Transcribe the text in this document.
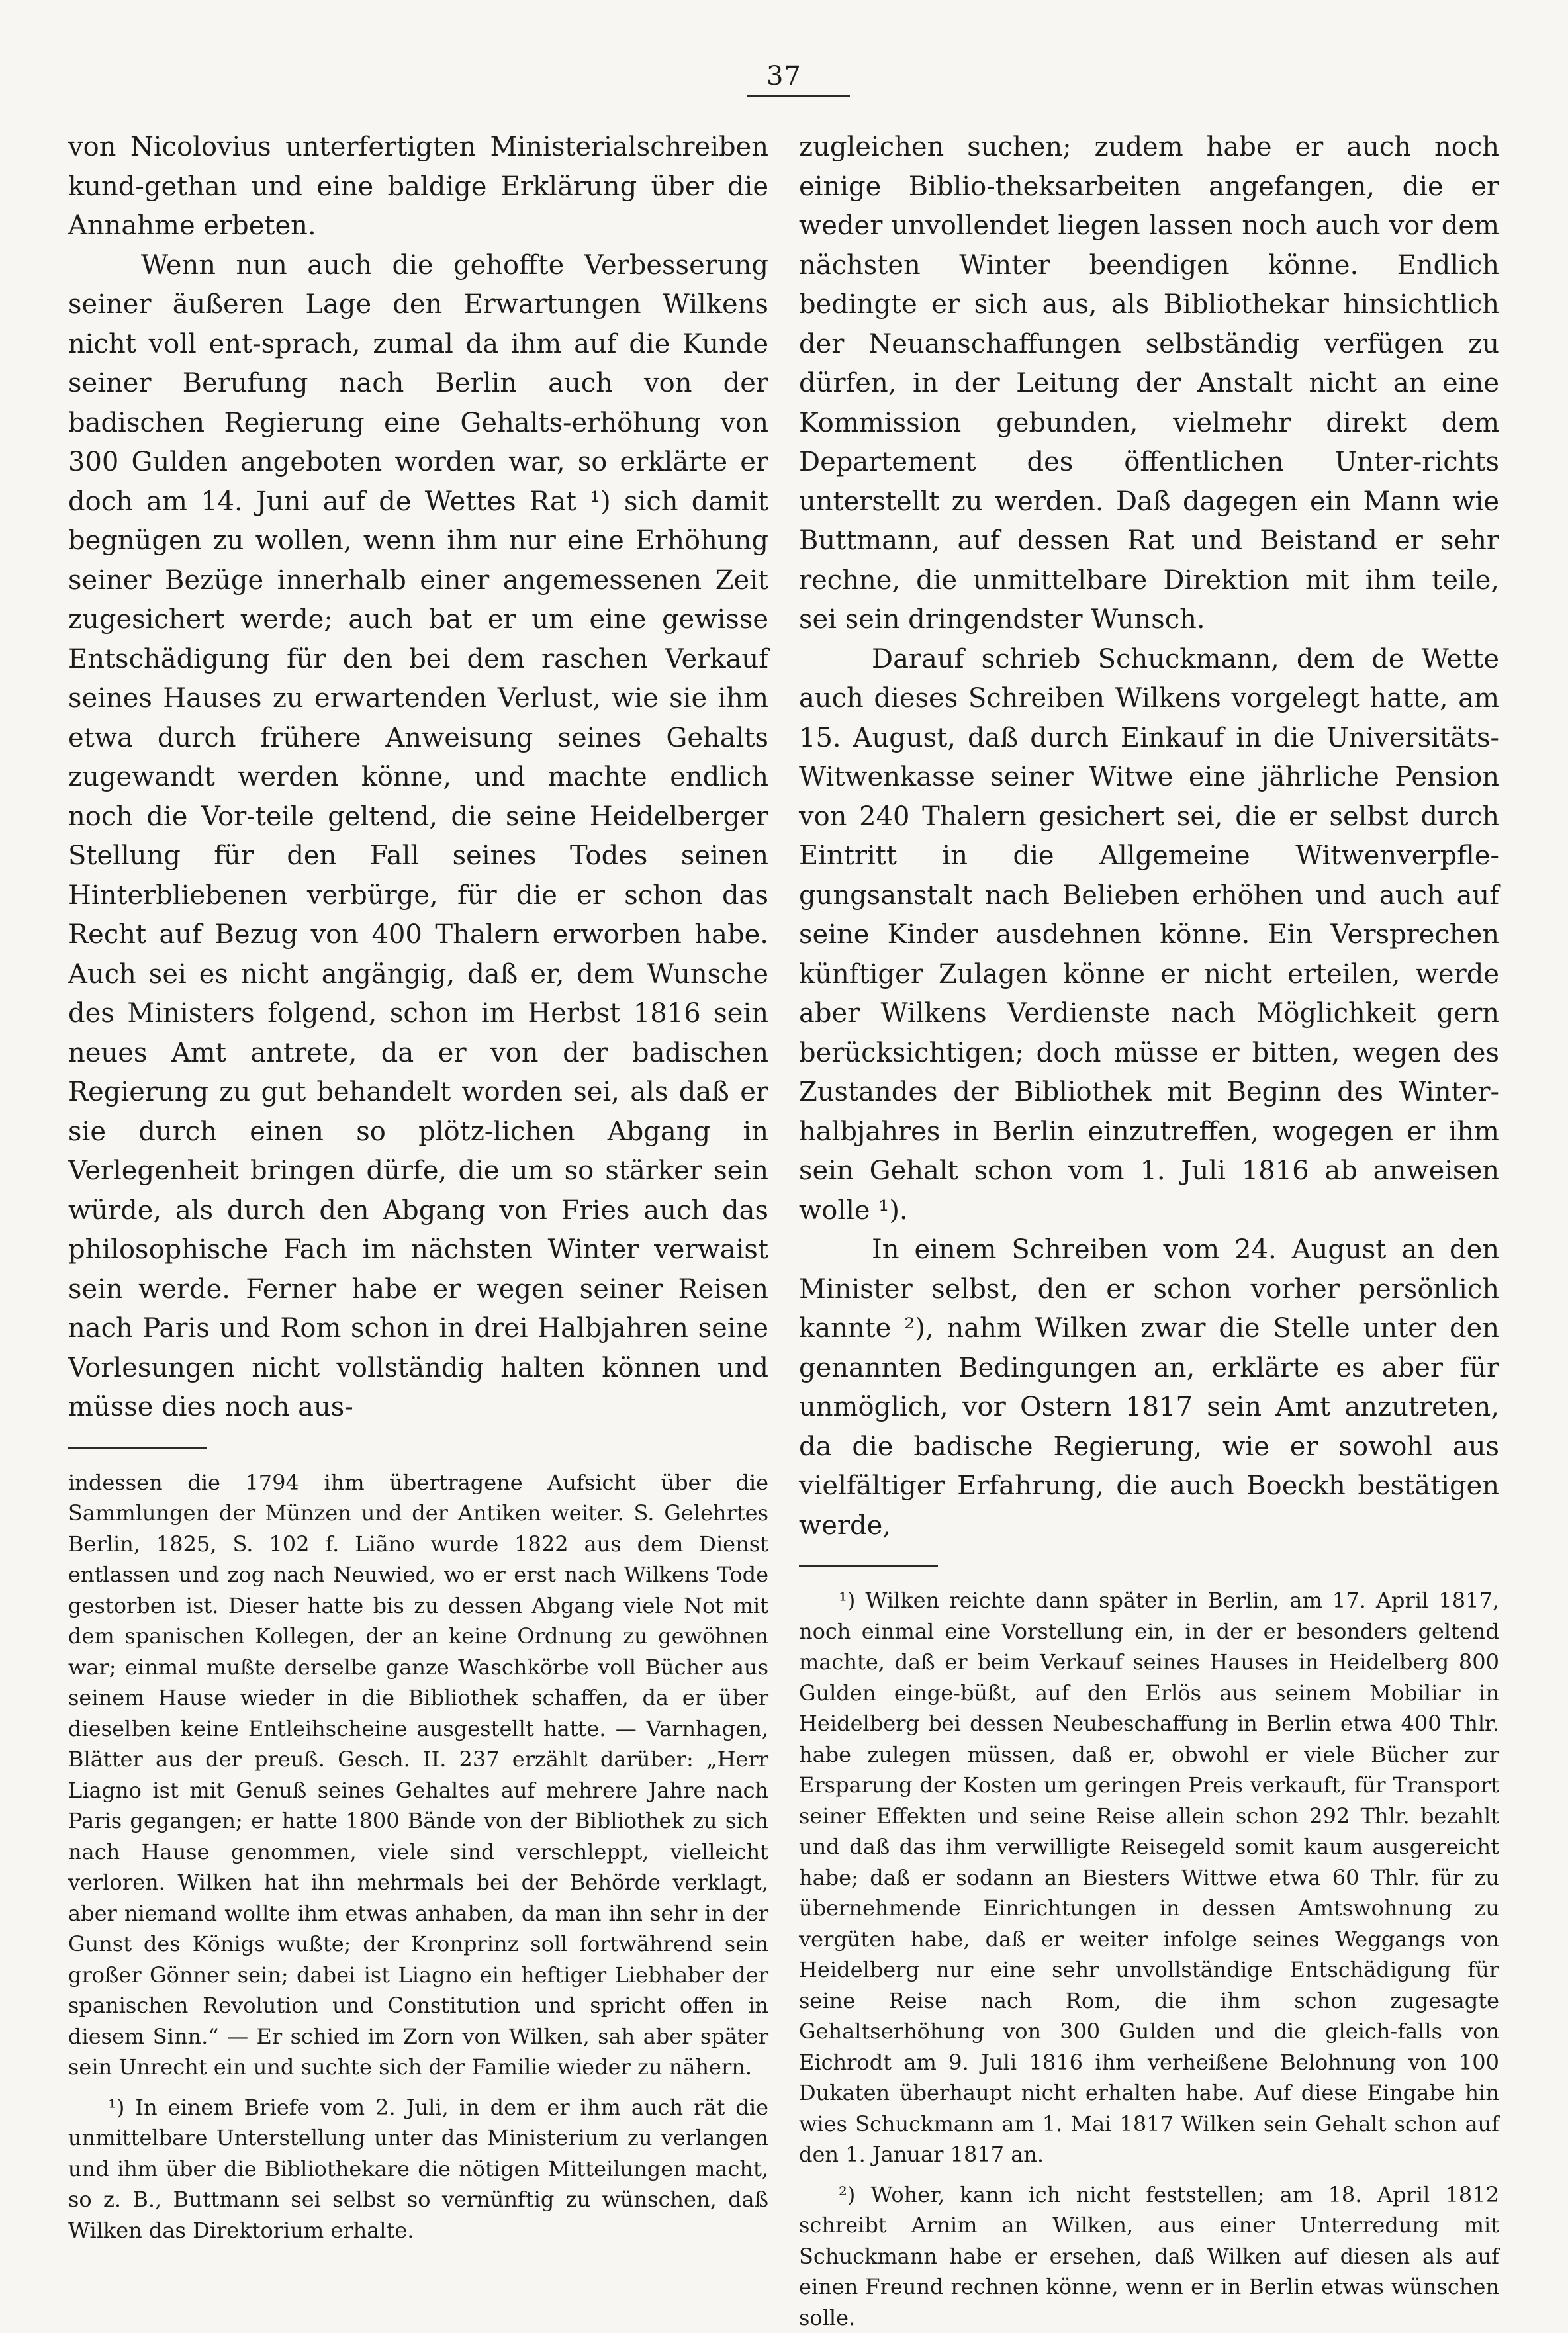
37

von Nicolovius unterfertigten Ministerialschreiben kund-gethan und eine baldige Erklärung über die Annahme erbeten.

Wenn nun auch die gehoffte Verbesserung seiner äußeren Lage den Erwartungen Wilkens nicht voll ent-sprach, zumal da ihm auf die Kunde seiner Berufung nach Berlin auch von der badischen Regierung eine Gehalts-erhöhung von 300 Gulden angeboten worden war, so erklärte er doch am 14. Juni auf de Wettes Rat ¹) sich damit begnügen zu wollen, wenn ihm nur eine Erhöhung seiner Bezüge innerhalb einer angemessenen Zeit zugesichert werde; auch bat er um eine gewisse Entschädigung für den bei dem raschen Verkauf seines Hauses zu erwartenden Verlust, wie sie ihm etwa durch frühere Anweisung seines Gehalts zugewandt werden könne, und machte endlich noch die Vor-teile geltend, die seine Heidelberger Stellung für den Fall seines Todes seinen Hinterbliebenen verbürge, für die er schon das Recht auf Bezug von 400 Thalern erworben habe. Auch sei es nicht angängig, daß er, dem Wunsche des Ministers folgend, schon im Herbst 1816 sein neues Amt antrete, da er von der badischen Regierung zu gut behandelt worden sei, als daß er sie durch einen so plötz-lichen Abgang in Verlegenheit bringen dürfe, die um so stärker sein würde, als durch den Abgang von Fries auch das philosophische Fach im nächsten Winter verwaist sein werde. Ferner habe er wegen seiner Reisen nach Paris und Rom schon in drei Halbjahren seine Vorlesungen nicht vollständig halten können und müsse dies noch aus-

indessen die 1794 ihm übertragene Aufsicht über die Sammlungen der Münzen und der Antiken weiter. S. Gelehrtes Berlin, 1825, S. 102 f. Liãno wurde 1822 aus dem Dienst entlassen und zog nach Neuwied, wo er erst nach Wilkens Tode gestorben ist. Dieser hatte bis zu dessen Abgang viele Not mit dem spanischen Kollegen, der an keine Ordnung zu gewöhnen war; einmal mußte derselbe ganze Waschkörbe voll Bücher aus seinem Hause wieder in die Bibliothek schaffen, da er über dieselben keine Entleihscheine ausgestellt hatte. — Varnhagen, Blätter aus der preuß. Gesch. II. 237 erzählt darüber: „Herr Liagno ist mit Genuß seines Gehaltes auf mehrere Jahre nach Paris gegangen; er hatte 1800 Bände von der Bibliothek zu sich nach Hause genommen, viele sind verschleppt, vielleicht verloren. Wilken hat ihn mehrmals bei der Behörde verklagt, aber niemand wollte ihm etwas anhaben, da man ihn sehr in der Gunst des Königs wußte; der Kronprinz soll fortwährend sein großer Gönner sein; dabei ist Liagno ein heftiger Liebhaber der spanischen Revolution und Constitution und spricht offen in diesem Sinn.“ — Er schied im Zorn von Wilken, sah aber später sein Unrecht ein und suchte sich der Familie wieder zu nähern.

¹) In einem Briefe vom 2. Juli, in dem er ihm auch rät die unmittelbare Unterstellung unter das Ministerium zu verlangen und ihm über die Bibliothekare die nötigen Mitteilungen macht, so z. B., Buttmann sei selbst so vernünftig zu wünschen, daß Wilken das Direktorium erhalte.

zugleichen suchen; zudem habe er auch noch einige Biblio-theksarbeiten angefangen, die er weder unvollendet liegen lassen noch auch vor dem nächsten Winter beendigen könne. Endlich bedingte er sich aus, als Bibliothekar hinsichtlich der Neuanschaffungen selbständig verfügen zu dürfen, in der Leitung der Anstalt nicht an eine Kommission gebunden, vielmehr direkt dem Departement des öffentlichen Unter-richts unterstellt zu werden. Daß dagegen ein Mann wie Buttmann, auf dessen Rat und Beistand er sehr rechne, die unmittelbare Direktion mit ihm teile, sei sein dringendster Wunsch.

Darauf schrieb Schuckmann, dem de Wette auch dieses Schreiben Wilkens vorgelegt hatte, am 15. August, daß durch Einkauf in die Universitäts-Witwenkasse seiner Witwe eine jährliche Pension von 240 Thalern gesichert sei, die er selbst durch Eintritt in die Allgemeine Witwenverpfle-gungsanstalt nach Belieben erhöhen und auch auf seine Kinder ausdehnen könne. Ein Versprechen künftiger Zulagen könne er nicht erteilen, werde aber Wilkens Verdienste nach Möglichkeit gern berücksichtigen; doch müsse er bitten, wegen des Zustandes der Bibliothek mit Beginn des Winter-halbjahres in Berlin einzutreffen, wogegen er ihm sein Gehalt schon vom 1. Juli 1816 ab anweisen wolle ¹).

In einem Schreiben vom 24. August an den Minister selbst, den er schon vorher persönlich kannte ²), nahm Wilken zwar die Stelle unter den genannten Bedingungen an, erklärte es aber für unmöglich, vor Ostern 1817 sein Amt anzutreten, da die badische Regierung, wie er sowohl aus vielfältiger Erfahrung, die auch Boeckh bestätigen werde,

¹) Wilken reichte dann später in Berlin, am 17. April 1817, noch einmal eine Vorstellung ein, in der er besonders geltend machte, daß er beim Verkauf seines Hauses in Heidelberg 800 Gulden einge-büßt, auf den Erlös aus seinem Mobiliar in Heidelberg bei dessen Neubeschaffung in Berlin etwa 400 Thlr. habe zulegen müssen, daß er, obwohl er viele Bücher zur Ersparung der Kosten um geringen Preis verkauft, für Transport seiner Effekten und seine Reise allein schon 292 Thlr. bezahlt und daß das ihm verwilligte Reisegeld somit kaum ausgereicht habe; daß er sodann an Biesters Wittwe etwa 60 Thlr. für zu übernehmende Einrichtungen in dessen Amtswohnung zu vergüten habe, daß er weiter infolge seines Weggangs von Heidelberg nur eine sehr unvollständige Entschädigung für seine Reise nach Rom, die ihm schon zugesagte Gehaltserhöhung von 300 Gulden und die gleich-falls von Eichrodt am 9. Juli 1816 ihm verheißene Belohnung von 100 Dukaten überhaupt nicht erhalten habe. Auf diese Eingabe hin wies Schuckmann am 1. Mai 1817 Wilken sein Gehalt schon auf den 1. Januar 1817 an.

²) Woher, kann ich nicht feststellen; am 18. April 1812 schreibt Arnim an Wilken, aus einer Unterredung mit Schuckmann habe er ersehen, daß Wilken auf diesen als auf einen Freund rechnen könne, wenn er in Berlin etwas wünschen solle.
